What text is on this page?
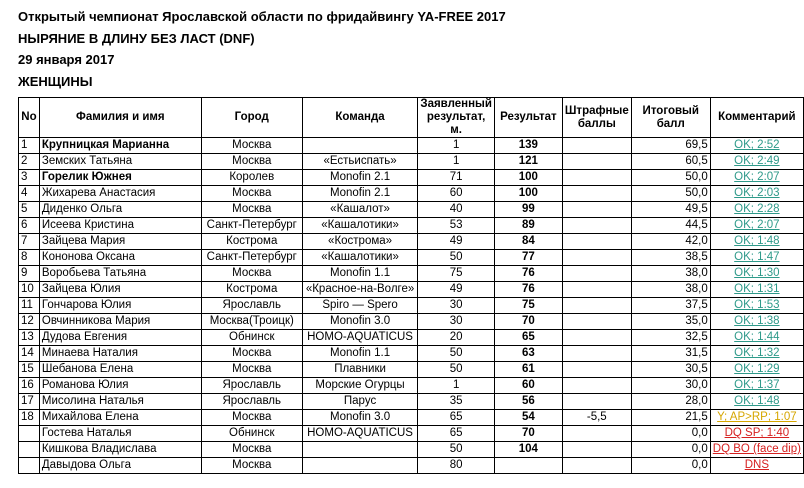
Открытый чемпионат Ярославской области по фридайвингу YA-FREE 2017
НЫРЯНИЕ В ДЛИНУ БЕЗ ЛАСТ (DNF)
29 января 2017
ЖЕНЩИНЫ
No	Фамилия и имя	Город	Команда	Заявленный результат, м.	Результат	Штрафные баллы	Итоговый балл	Комментарий
1	Крупницкая Марианна	Москва		1	139		69,5	OK; 2:52
2	Земских Татьяна	Москва	«Естьиспать»	1	121		60,5	OK; 2:49
3	Горелик Южнея	Королев	Monofin 2.1	71	100		50,0	OK; 2:07
4	Жихарева Анастасия	Москва	Monofin 2.1	60	100		50,0	OK; 2:03
5	Диденко Ольга	Москва	«Кашалот»	40	99		49,5	OK; 2:28
6	Исеева Кристина	Санкт-Петербург	«Кашалотики»	53	89		44,5	OK; 2:07
7	Зайцева Мария	Кострома	«Кострома»	49	84		42,0	OK; 1:48
8	Кононова Оксана	Санкт-Петербург	«Кашалотики»	50	77		38,5	OK; 1:47
9	Воробьева Татьяна	Москва	Monofin 1.1	75	76		38,0	OK; 1:30
10	Зайцева Юлия	Кострома	«Красное-на-Волге»	49	76		38,0	OK; 1:31
11	Гончарова Юлия	Ярославль	Spiro — Spero	30	75		37,5	OK; 1:53
12	Овчинникова Мария	Москва(Троицк)	Monofin 3.0	30	70		35,0	OK; 1:38
13	Дудова Евгения	Обнинск	HOMO-AQUATICUS	20	65		32,5	OK; 1:44
14	Минаева Наталия	Москва	Monofin 1.1	50	63		31,5	OK; 1:32
15	Шебанова Елена	Москва	Плавники	50	61		30,5	OK; 1:29
16	Романова Юлия	Ярославль	Морские Огурцы	1	60		30,0	OK; 1:37
17	Мисолина Наталья	Ярославль	Парус	35	56		28,0	OK; 1:48
18	Михайлова Елена	Москва	Monofin 3.0	65	54	-5,5	21,5	Y; AP>RP; 1:07
	Гостева Наталья	Обнинск	HOMO-AQUATICUS	65	70		0,0	DQ SP; 1:40
	Кишкова Владислава	Москва		50	104		0,0	DQ BO (face dip)
	Давыдова Ольга	Москва		80			0,0	DNS
